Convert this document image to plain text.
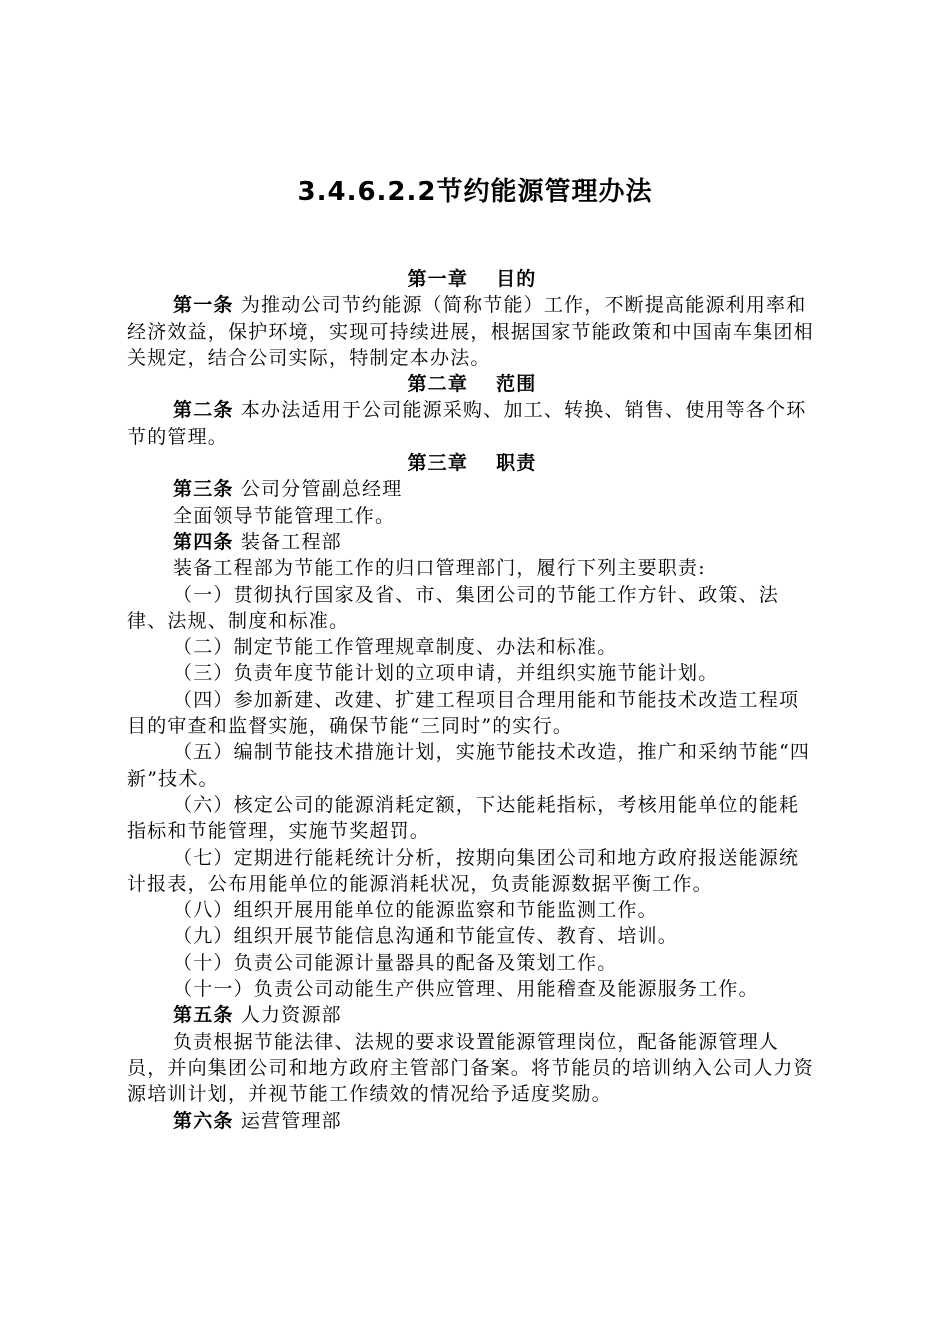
3.4.6.2.2节约能源管理办法
第一章 目的

第一条 为推动公司节约能源（简称节能）工作，不断提高能源利用率和经济效益，保护环境，实现可持续进展，根据国家节能政策和中国南车集团相关规定，结合公司实际，特制定本办法。

第二章 范围

第二条 本办法适用于公司能源采购、加工、转换、销售、使用等各个环节的管理。

第三章 职责

第三条 公司分管副总经理

全面领导节能管理工作。

第四条 装备工程部

装备工程部为节能工作的归口管理部门，履行下列主要职责:

（一）贯彻执行国家及省、市、集团公司的节能工作方针、政策、法律、法规、制度和标准。

（二）制定节能工作管理规章制度、办法和标准。

（三）负责年度节能计划的立项申请，并组织实施节能计划。

（四）参加新建、改建、扩建工程项目合理用能和节能技术改造工程项目的审查和监督实施，确保节能“三同时”的实行。

（五）编制节能技术措施计划，实施节能技术改造，推广和采纳节能“四新”技术。

（六）核定公司的能源消耗定额，下达能耗指标，考核用能单位的能耗指标和节能管理，实施节奖超罚。

（七）定期进行能耗统计分析，按期向集团公司和地方政府报送能源统计报表，公布用能单位的能源消耗状况，负责能源数据平衡工作。

（八）组织开展用能单位的能源监察和节能监测工作。

（九）组织开展节能信息沟通和节能宣传、教育、培训。

（十）负责公司能源计量器具的配备及策划工作。

（十一）负责公司动能生产供应管理、用能稽查及能源服务工作。

第五条 人力资源部

负责根据节能法律、法规的要求设置能源管理岗位，配备能源管理人员，并向集团公司和地方政府主管部门备案。将节能员的培训纳入公司人力资源培训计划，并视节能工作绩效的情况给予适度奖励。

第六条 运营管理部
